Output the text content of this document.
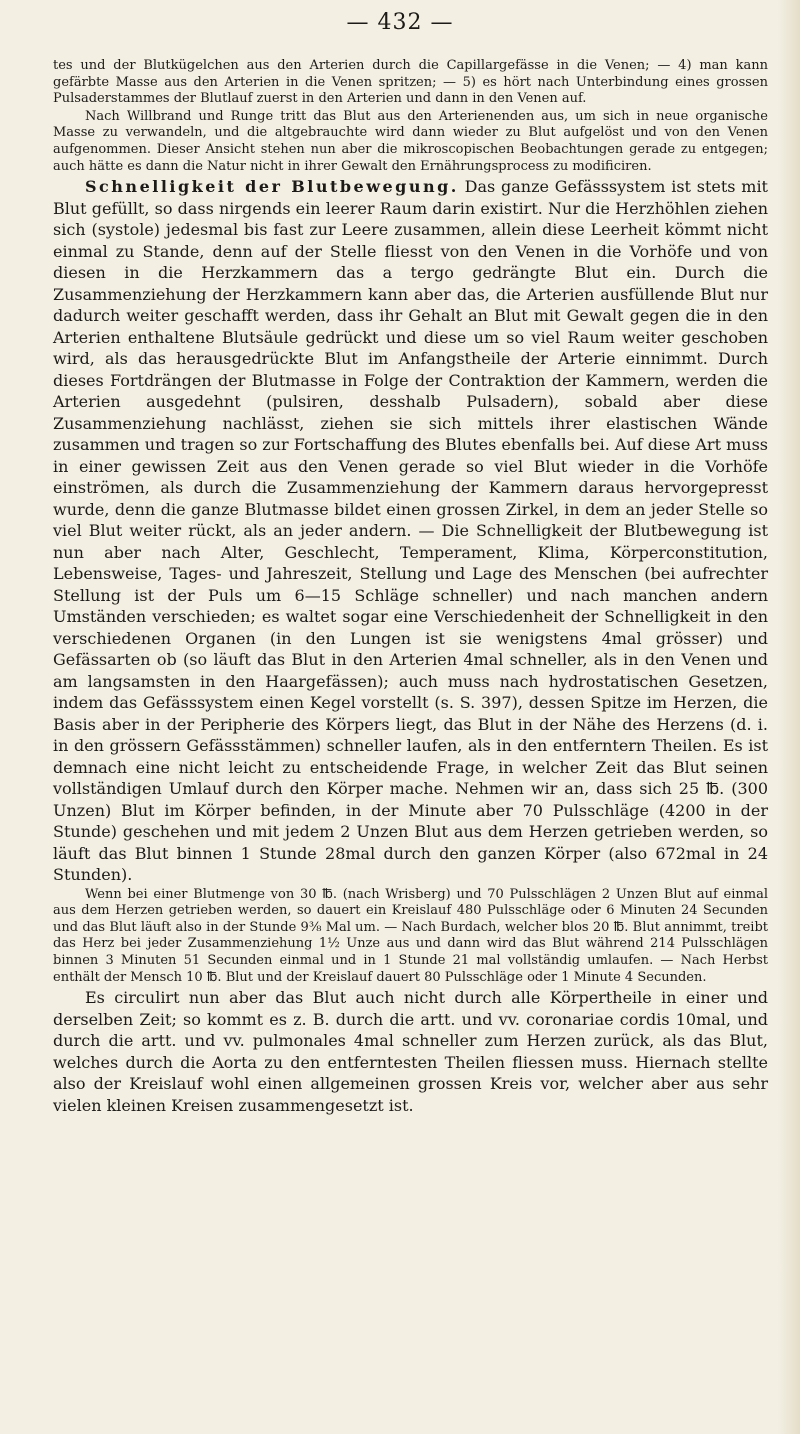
— 432 —

tes und der Blutkügelchen aus den Arterien durch die Capillargefässe in die Venen; — 4) man kann gefärbte Masse aus den Arterien in die Venen spritzen; — 5) es hört nach Unterbindung eines grossen Pulsaderstammes der Blutlauf zuerst in den Arterien und dann in den Venen auf.

Nach Willbrand und Runge tritt das Blut aus den Arterienenden aus, um sich in neue organische Masse zu verwandeln, und die altgebrauchte wird dann wieder zu Blut aufgelöst und von den Venen aufgenommen. Dieser Ansicht stehen nun aber die mikroscopischen Beobachtungen gerade zu entgegen; auch hätte es dann die Natur nicht in ihrer Gewalt den Ernährungsprocess zu modificiren.

Schnelligkeit der Blutbewegung. Das ganze Gefässsystem ist stets mit Blut gefüllt, so dass nirgends ein leerer Raum darin existirt. Nur die Herzhöhlen ziehen sich (systole) jedesmal bis fast zur Leere zusammen, allein diese Leerheit kömmt nicht einmal zu Stande, denn auf der Stelle fliesst von den Venen in die Vorhöfe und von diesen in die Herzkammern das a tergo gedrängte Blut ein. Durch die Zusammenziehung der Herzkammern kann aber das, die Arterien ausfüllende Blut nur dadurch weiter geschafft werden, dass ihr Gehalt an Blut mit Gewalt gegen die in den Arterien enthaltene Blutsäule gedrückt und diese um so viel Raum weiter geschoben wird, als das herausgedrückte Blut im Anfangstheile der Arterie einnimmt. Durch dieses Fortdrängen der Blutmasse in Folge der Contraktion der Kammern, werden die Arterien ausgedehnt (pulsiren, desshalb Pulsadern), sobald aber diese Zusammenziehung nachlässt, ziehen sie sich mittels ihrer elastischen Wände zusammen und tragen so zur Fortschaffung des Blutes ebenfalls bei. Auf diese Art muss in einer gewissen Zeit aus den Venen gerade so viel Blut wieder in die Vorhöfe einströmen, als durch die Zusammenziehung der Kammern daraus hervorgepresst wurde, denn die ganze Blutmasse bildet einen grossen Zirkel, in dem an jeder Stelle so viel Blut weiter rückt, als an jeder andern. — Die Schnelligkeit der Blutbewegung ist nun aber nach Alter, Geschlecht, Temperament, Klima, Körperconstitution, Lebensweise, Tages- und Jahreszeit, Stellung und Lage des Menschen (bei aufrechter Stellung ist der Puls um 6—15 Schläge schneller) und nach manchen andern Umständen verschieden; es waltet sogar eine Verschiedenheit der Schnelligkeit in den verschiedenen Organen (in den Lungen ist sie wenigstens 4mal grösser) und Gefässarten ob (so läuft das Blut in den Arterien 4mal schneller, als in den Venen und am langsamsten in den Haargefässen); auch muss nach hydrostatischen Gesetzen, indem das Gefässsystem einen Kegel vorstellt (s. S. 397), dessen Spitze im Herzen, die Basis aber in der Peripherie des Körpers liegt, das Blut in der Nähe des Herzens (d. i. in den grössern Gefässstämmen) schneller laufen, als in den entferntern Theilen. Es ist demnach eine nicht leicht zu entscheidende Frage, in welcher Zeit das Blut seinen vollständigen Umlauf durch den Körper mache. Nehmen wir an, dass sich 25 ℔. (300 Unzen) Blut im Körper befinden, in der Minute aber 70 Pulsschläge (4200 in der Stunde) geschehen und mit jedem 2 Unzen Blut aus dem Herzen getrieben werden, so läuft das Blut binnen 1 Stunde 28mal durch den ganzen Körper (also 672mal in 24 Stunden).

Wenn bei einer Blutmenge von 30 ℔. (nach Wrisberg) und 70 Pulsschlägen 2 Unzen Blut auf einmal aus dem Herzen getrieben werden, so dauert ein Kreislauf 480 Pulsschläge oder 6 Minuten 24 Secunden und das Blut läuft also in der Stunde 9⅜ Mal um. — Nach Burdach, welcher blos 20 ℔. Blut annimmt, treibt das Herz bei jeder Zusammenziehung 1½ Unze aus und dann wird das Blut während 214 Pulsschlägen binnen 3 Minuten 51 Secunden einmal und in 1 Stunde 21 mal vollständig umlaufen. — Nach Herbst enthält der Mensch 10 ℔. Blut und der Kreislauf dauert 80 Pulsschläge oder 1 Minute 4 Secunden.

Es circulirt nun aber das Blut auch nicht durch alle Körpertheile in einer und derselben Zeit; so kommt es z. B. durch die artt. und vv. coronariae cordis 10mal, und durch die artt. und vv. pulmonales 4mal schneller zum Herzen zurück, als das Blut, welches durch die Aorta zu den entferntesten Theilen fliessen muss. Hiernach stellte also der Kreislauf wohl einen allgemeinen grossen Kreis vor, welcher aber aus sehr vielen kleinen Kreisen zusammengesetzt ist.
